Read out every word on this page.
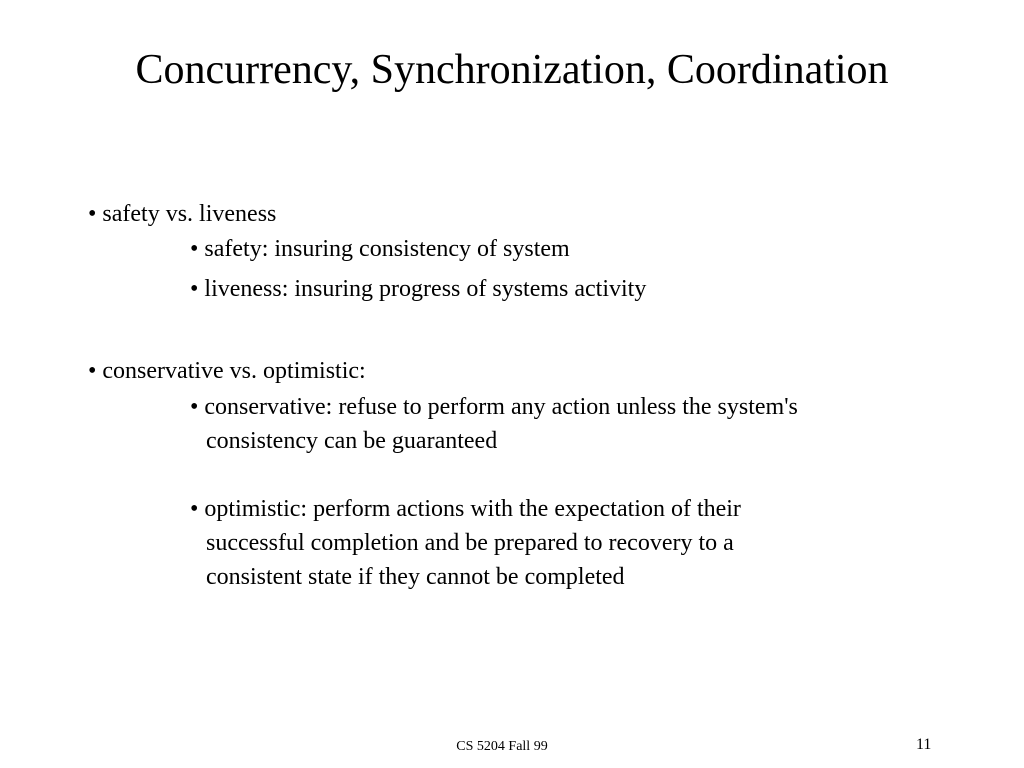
Concurrency, Synchronization, Coordination
• safety vs. liveness
• safety: insuring consistency of system
• liveness: insuring progress of systems activity
• conservative vs. optimistic:
• conservative: refuse to perform any action unless the system's
consistency can be guaranteed
• optimistic: perform actions with the expectation of their
successful completion and be prepared to recovery to a
consistent state if they cannot be completed
CS 5204 Fall 99	11
